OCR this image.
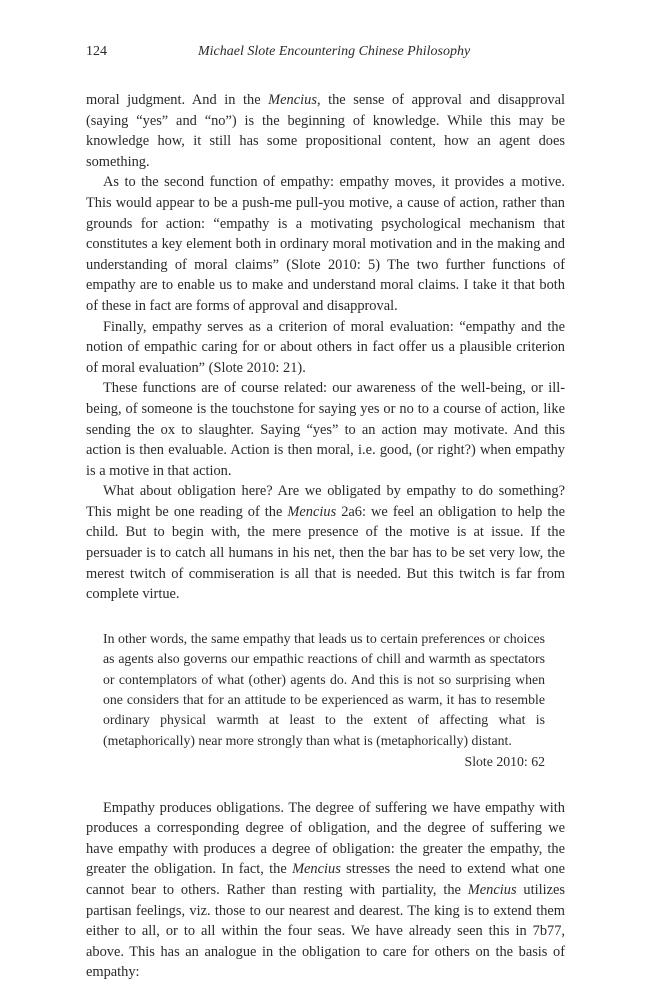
124	Michael Slote Encountering Chinese Philosophy

moral judgment. And in the Mencius, the sense of approval and disapproval (saying “yes” and “no”) is the beginning of knowledge. While this may be knowledge how, it still has some propositional content, how an agent does something.

As to the second function of empathy: empathy moves, it provides a motive. This would appear to be a push-me pull-you motive, a cause of action, rather than grounds for action: “empathy is a motivating psychological mechanism that constitutes a key element both in ordinary moral motivation and in the making and understanding of moral claims” (Slote 2010: 5) The two further functions of empathy are to enable us to make and understand moral claims. I take it that both of these in fact are forms of approval and disapproval.

Finally, empathy serves as a criterion of moral evaluation: “empathy and the notion of empathic caring for or about others in fact offer us a plausible criterion of moral evaluation” (Slote 2010: 21).

These functions are of course related: our awareness of the well-being, or ill-being, of someone is the touchstone for saying yes or no to a course of action, like sending the ox to slaughter. Saying “yes” to an action may motivate. And this action is then evaluable. Action is then moral, i.e. good, (or right?) when empathy is a motive in that action.

What about obligation here? Are we obligated by empathy to do something? This might be one reading of the Mencius 2a6: we feel an obligation to help the child. But to begin with, the mere presence of the motive is at issue. If the persuader is to catch all humans in his net, then the bar has to be set very low, the merest twitch of commiseration is all that is needed. But this twitch is far from complete virtue.

In other words, the same empathy that leads us to certain preferences or choices as agents also governs our empathic reactions of chill and warmth as spectators or contemplators of what (other) agents do. And this is not so surprising when one considers that for an attitude to be experienced as warm, it has to resemble ordinary physical warmth at least to the extent of affecting what is (metaphorically) near more strongly than what is (metaphorically) distant.

Slote 2010: 62

Empathy produces obligations. The degree of suffering we have empathy with produces a corresponding degree of obligation, and the degree of suffering we have empathy with produces a degree of obligation: the greater the empathy, the greater the obligation. In fact, the Mencius stresses the need to extend what one cannot bear to others. Rather than resting with partiality, the Mencius utilizes partisan feelings, viz. those to our nearest and dearest. The king is to extend them either to all, or to all within the four seas. We have already seen this in 7b77, above. This has an analogue in the obligation to care for others on the basis of empathy:
